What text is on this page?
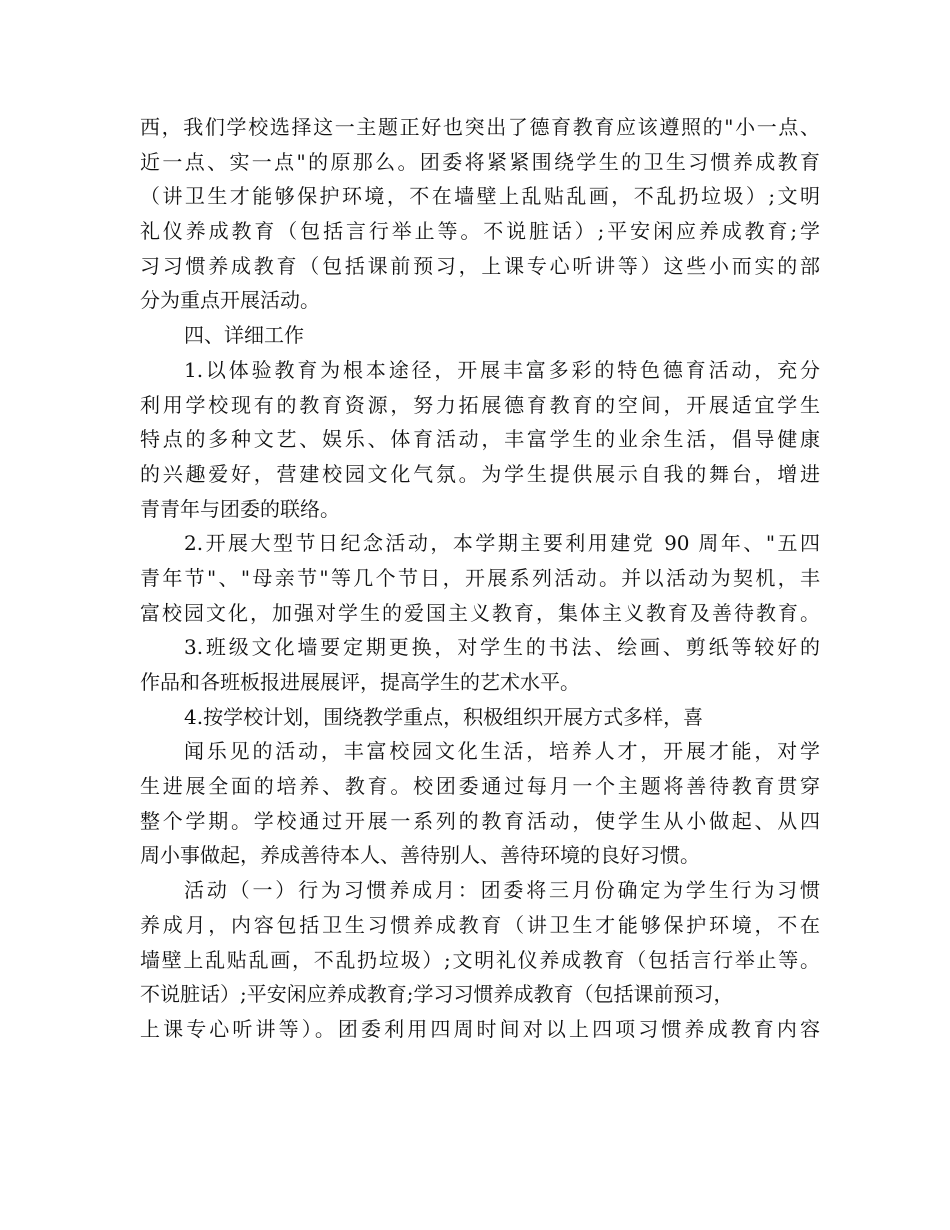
西，我们学校选择这一主题正好也突出了德育教育应该遵照的"小一点、
近一点、实一点"的原那么。团委将紧紧围绕学生的卫生习惯养成教育
（讲卫生才能够保护环境，不在墙壁上乱贴乱画，不乱扔垃圾）;文明
礼仪养成教育（包括言行举止等。不说脏话）;平安闲应养成教育;学
习习惯养成教育（包括课前预习，上课专心听讲等）这些小而实的部
分为重点开展活动。
四、详细工作
1.以体验教育为根本途径，开展丰富多彩的特色德育活动，充分
利用学校现有的教育资源，努力拓展德育教育的空间，开展适宜学生
特点的多种文艺、娱乐、体育活动，丰富学生的业余生活，倡导健康
的兴趣爱好，营建校园文化气氛。为学生提供展示自我的舞台，增进
青青年与团委的联络。
2.开展大型节日纪念活动，本学期主要利用建党 90 周年、"五四
青年节"、"母亲节"等几个节日，开展系列活动。并以活动为契机，丰
富校园文化，加强对学生的爱国主义教育，集体主义教育及善待教育。
3.班级文化墙要定期更换，对学生的书法、绘画、剪纸等较好的
作品和各班板报进展展评，提高学生的艺术水平。
4.按学校计划，围绕教学重点，积极组织开展方式多样，喜
闻乐见的活动，丰富校园文化生活，培养人才，开展才能，对学
生进展全面的培养、教育。校团委通过每月一个主题将善待教育贯穿
整个学期。学校通过开展一系列的教育活动，使学生从小做起、从四
周小事做起，养成善待本人、善待别人、善待环境的良好习惯。
活动（一）行为习惯养成月：团委将三月份确定为学生行为习惯
养成月，内容包括卫生习惯养成教育（讲卫生才能够保护环境，不在
墙壁上乱贴乱画，不乱扔垃圾）;文明礼仪养成教育（包括言行举止等。
不说脏话）;平安闲应养成教育;学习习惯养成教育（包括课前预习，
上课专心听讲等）。团委利用四周时间对以上四项习惯养成教育内容
